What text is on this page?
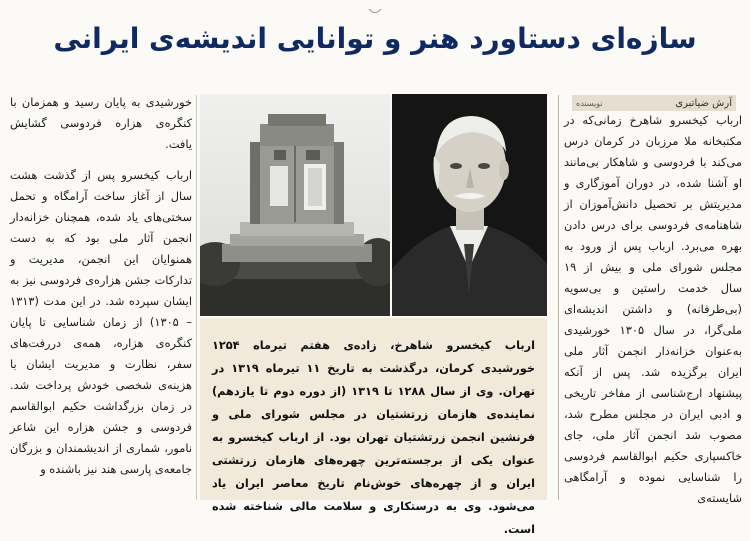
سازه‌ای دستاورد هنر و توانایی اندیشه‌ی ایرانی

خورشیدی به پایان رسید و همزمان با کنگره‌ی هزاره فردوسی گشایش یافت.

ارباب کیخسرو پس از گذشت هشت سال از آغاز ساخت آرامگاه و تحمل سختی‌های یاد شده، همچنان خزانه‌دار انجمن آثار ملی بود که به دست همنوایان این انجمن، مدیریت و تدارکات جشن هزاره‌ی فردوسی نیز به ایشان سپرده شد. در این مدت (۱۳۱۳ – ۱۳۰۵) از زمان شناسایی تا پایان کنگره‌ی هزاره، همه‌ی دررفت‌های سفر، نظارت و مدیریت ایشان با هزینه‌ی شخصی خودش پرداخت شد. در زمان بزرگداشت حکیم ابوالقاسم فردوسی و جشن هزاره این شاعر نامور، شماری از اندیشمندان و بزرگان جامعه‌ی پارسی هند نیز باشنده و

آرش ضیاتبری
نویسنده

ارباب کیخسرو شاهرخ زمانی‌که در مکتبخانه ملا مرزبان در کرمان درس می‌کند با فردوسی و شاهکار بی‌مانند او آشنا شده، در دوران آموزگاری و مدیریتش بر تحصیل دانش‌آموزان از شاهنامه‌ی فردوسی برای درس دادن بهره می‌برد. ارباب پس از ورود به مجلس شورای ملی و بیش از ۱۹ سال خدمت راستین و بی‌سویه (بی‌طرفانه) و داشتن اندیشه‌ای ملی‌گرا، در سال ۱۳۰۵ خورشیدی به‌عنوان خزانه‌دار انجمن آثار ملی ایران برگزیده شد. پس از آنکه پیشنهاد ارج‌شناسی از مفاخر تاریخی و ادبی ایران در مجلس مطرح شد، مصوب شد انجمن آثار ملی، جای خاکسپاری حکیم ابوالقاسم فردوسی را شناسایی نموده و آرامگاهی شایسته‌ی

ارباب کیخسرو شاهرخ، زاده‌ی هفتم تیرماه ۱۲۵۴ خورشیدی کرمان، درگذشت به تاریخ ۱۱ تیرماه ۱۳۱۹ در تهران. وی از سال ۱۲۸۸ تا ۱۳۱۹ (از دوره دوم تا یازدهم) نماینده‌ی هازمان زرتشتیان در مجلس شورای ملی و فرنشین انجمن زرتشتیان تهران بود. از ارباب کیخسرو به عنوان یکی از برجسته‌ترین چهره‌های هازمان زرتشتی ایران و از چهره‌های خوش‌نام تاریخ معاصر ایران یاد می‌شود. وی به درستکاری و سلامت مالی شناخته شده است.
